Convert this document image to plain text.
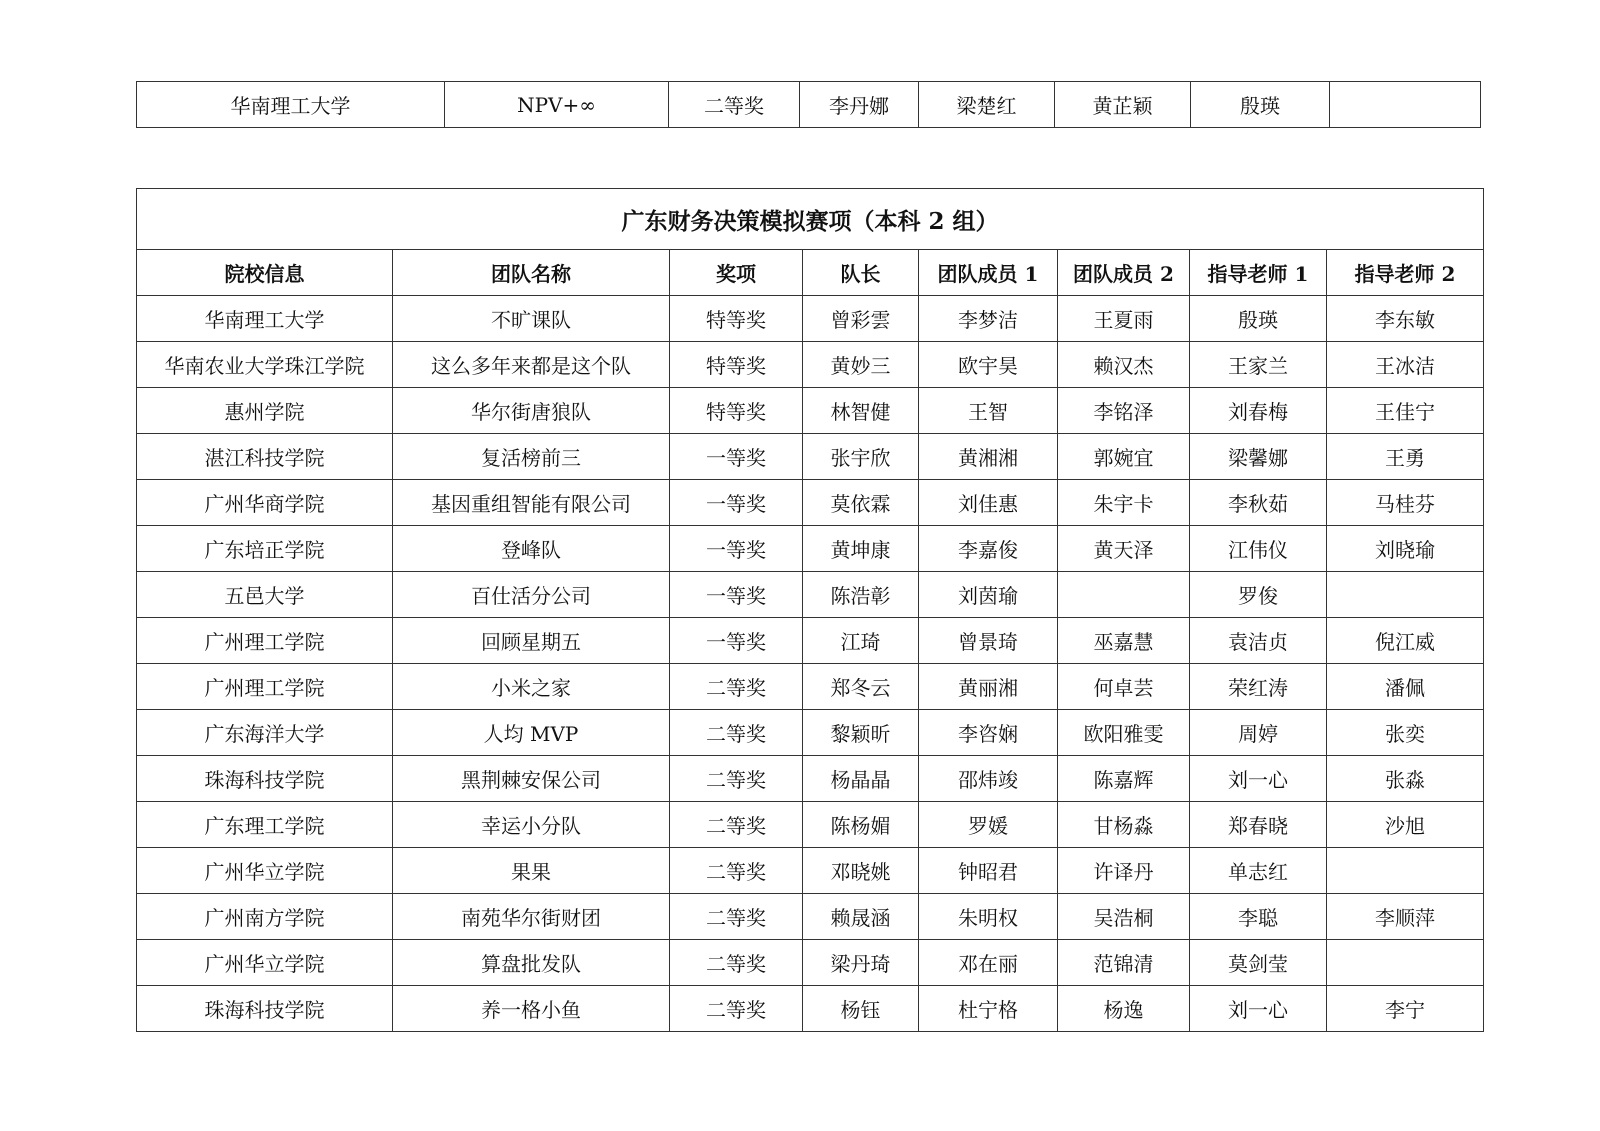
华南理工大学	NPV+∞	二等奖	李丹娜	梁楚红	黄芷颖	殷瑛	
广东财务决策模拟赛项（本科 2 组）							
院校信息	团队名称	奖项	队长	团队成员 1	团队成员 2	指导老师 1	指导老师 2
华南理工大学	不旷课队	特等奖	曾彩雲	李梦洁	王夏雨	殷瑛	李东敏
华南农业大学珠江学院	这么多年来都是这个队	特等奖	黄妙三	欧宇昊	赖汉杰	王家兰	王冰洁
惠州学院	华尔街唐狼队	特等奖	林智健	王智	李铭泽	刘春梅	王佳宁
湛江科技学院	复活榜前三	一等奖	张宇欣	黄湘湘	郭婉宜	梁馨娜	王勇
广州华商学院	基因重组智能有限公司	一等奖	莫依霖	刘佳惠	朱宇卡	李秋茹	马桂芬
广东培正学院	登峰队	一等奖	黄坤康	李嘉俊	黄天泽	江伟仪	刘晓瑜
五邑大学	百仕活分公司	一等奖	陈浩彰	刘茵瑜		罗俊	
广州理工学院	回顾星期五	一等奖	江琦	曾景琦	巫嘉慧	袁洁贞	倪江威
广州理工学院	小米之家	二等奖	郑冬云	黄丽湘	何卓芸	荣红涛	潘佩
广东海洋大学	人均 MVP	二等奖	黎颖昕	李咨娴	欧阳雅雯	周婷	张奕
珠海科技学院	黑荆棘安保公司	二等奖	杨晶晶	邵炜竣	陈嘉辉	刘一心	张淼
广东理工学院	幸运小分队	二等奖	陈杨媚	罗媛	甘杨淼	郑春晓	沙旭
广州华立学院	果果	二等奖	邓晓姚	钟昭君	许译丹	单志红	
广州南方学院	南苑华尔街财团	二等奖	赖晟涵	朱明权	吴浩桐	李聪	李顺萍
广州华立学院	算盘批发队	二等奖	梁丹琦	邓在丽	范锦清	莫剑莹	
珠海科技学院	养一格小鱼	二等奖	杨钰	杜宁格	杨逸	刘一心	李宁
